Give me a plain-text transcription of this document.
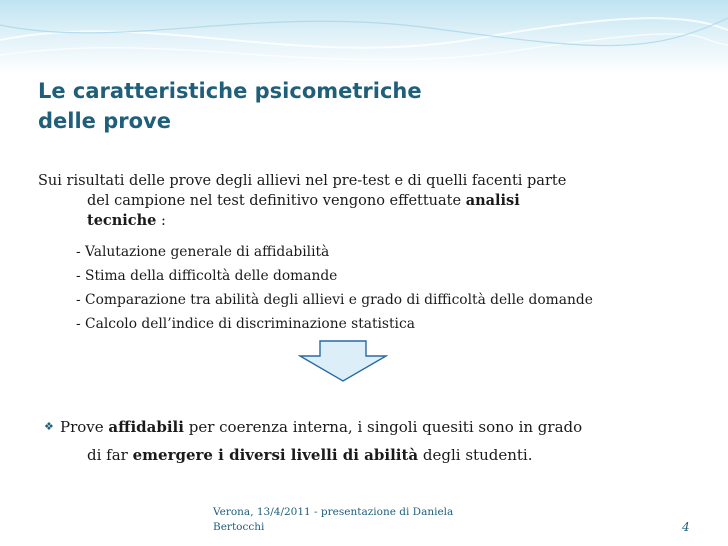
Le caratteristiche psicometriche
delle prove
Sui risultati delle prove degli allievi nel pre-test e di quelli facenti parte
del campione nel test definitivo vengono effettuate analisi
tecniche :
- Valutazione generale di affidabilità
- Stima della difficoltà delle domande
- Comparazione tra abilità degli allievi e grado di difficoltà delle domande
- Calcolo dell’indice di discriminazione statistica
❖ Prove affidabili per coerenza interna, i singoli quesiti sono in grado
di far emergere i diversi livelli di abilità degli studenti.
Verona, 13/4/2011 - presentazione di Daniela
Bertocchi	4
